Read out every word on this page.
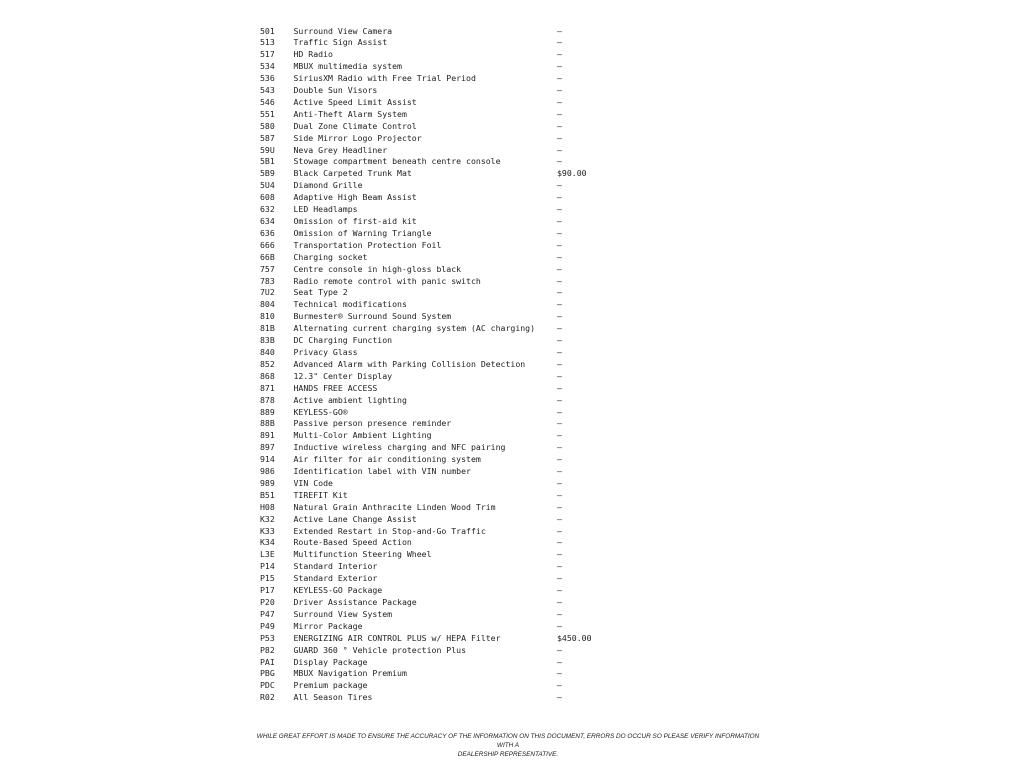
501 Surround View Camera	—
513 Traffic Sign Assist	—
517 HD Radio	—
534 MBUX multimedia system	—
536 SiriusXM Radio with Free Trial Period	—
543 Double Sun Visors	—
546 Active Speed Limit Assist	—
551 Anti-Theft Alarm System	—
580 Dual Zone Climate Control	—
587 Side Mirror Logo Projector	—
59U Neva Grey Headliner	—
5B1 Stowage compartment beneath centre console	—
5B9 Black Carpeted Trunk Mat	$90.00
5U4 Diamond Grille	—
608 Adaptive High Beam Assist	—
632 LED Headlamps	—
634 Omission of first-aid kit	—
636 Omission of Warning Triangle	—
666 Transportation Protection Foil	—
66B Charging socket	—
757 Centre console in high-gloss black	—
783 Radio remote control with panic switch	—
7U2 Seat Type 2	—
804 Technical modifications	—
810 Burmester® Surround Sound System	—
81B Alternating current charging system (AC charging)	—
83B DC Charging Function	—
840 Privacy Glass	—
852 Advanced Alarm with Parking Collision Detection	—
868 12.3" Center Display	—
871 HANDS FREE ACCESS	—
878 Active ambient lighting	—
889 KEYLESS-GO®	—
88B Passive person presence reminder	—
891 Multi-Color Ambient Lighting	—
897 Inductive wireless charging and NFC pairing	—
914 Air filter for air conditioning system	—
986 Identification label with VIN number	—
989 VIN Code	—
B51 TIREFIT Kit	—
H08 Natural Grain Anthracite Linden Wood Trim	—
K32 Active Lane Change Assist	—
K33 Extended Restart in Stop-and-Go Traffic	—
K34 Route-Based Speed Action	—
L3E Multifunction Steering Wheel	—
P14 Standard Interior	—
P15 Standard Exterior	—
P17 KEYLESS-GO Package	—
P20 Driver Assistance Package	—
P47 Surround View System	—
P49 Mirror Package	—
P53 ENERGIZING AIR CONTROL PLUS w/ HEPA Filter	$450.00
P82 GUARD 360 ° Vehicle protection Plus	—
PAI Display Package	—
PBG MBUX Navigation Premium	—
PDC Premium package	—
R02 All Season Tires	—

WHILE GREAT EFFORT IS MADE TO ENSURE THE ACCURACY OF THE INFORMATION ON THIS DOCUMENT, ERRORS DO OCCUR SO PLEASE VERIFY INFORMATION WITH A
DEALERSHIP REPRESENTATIVE.
